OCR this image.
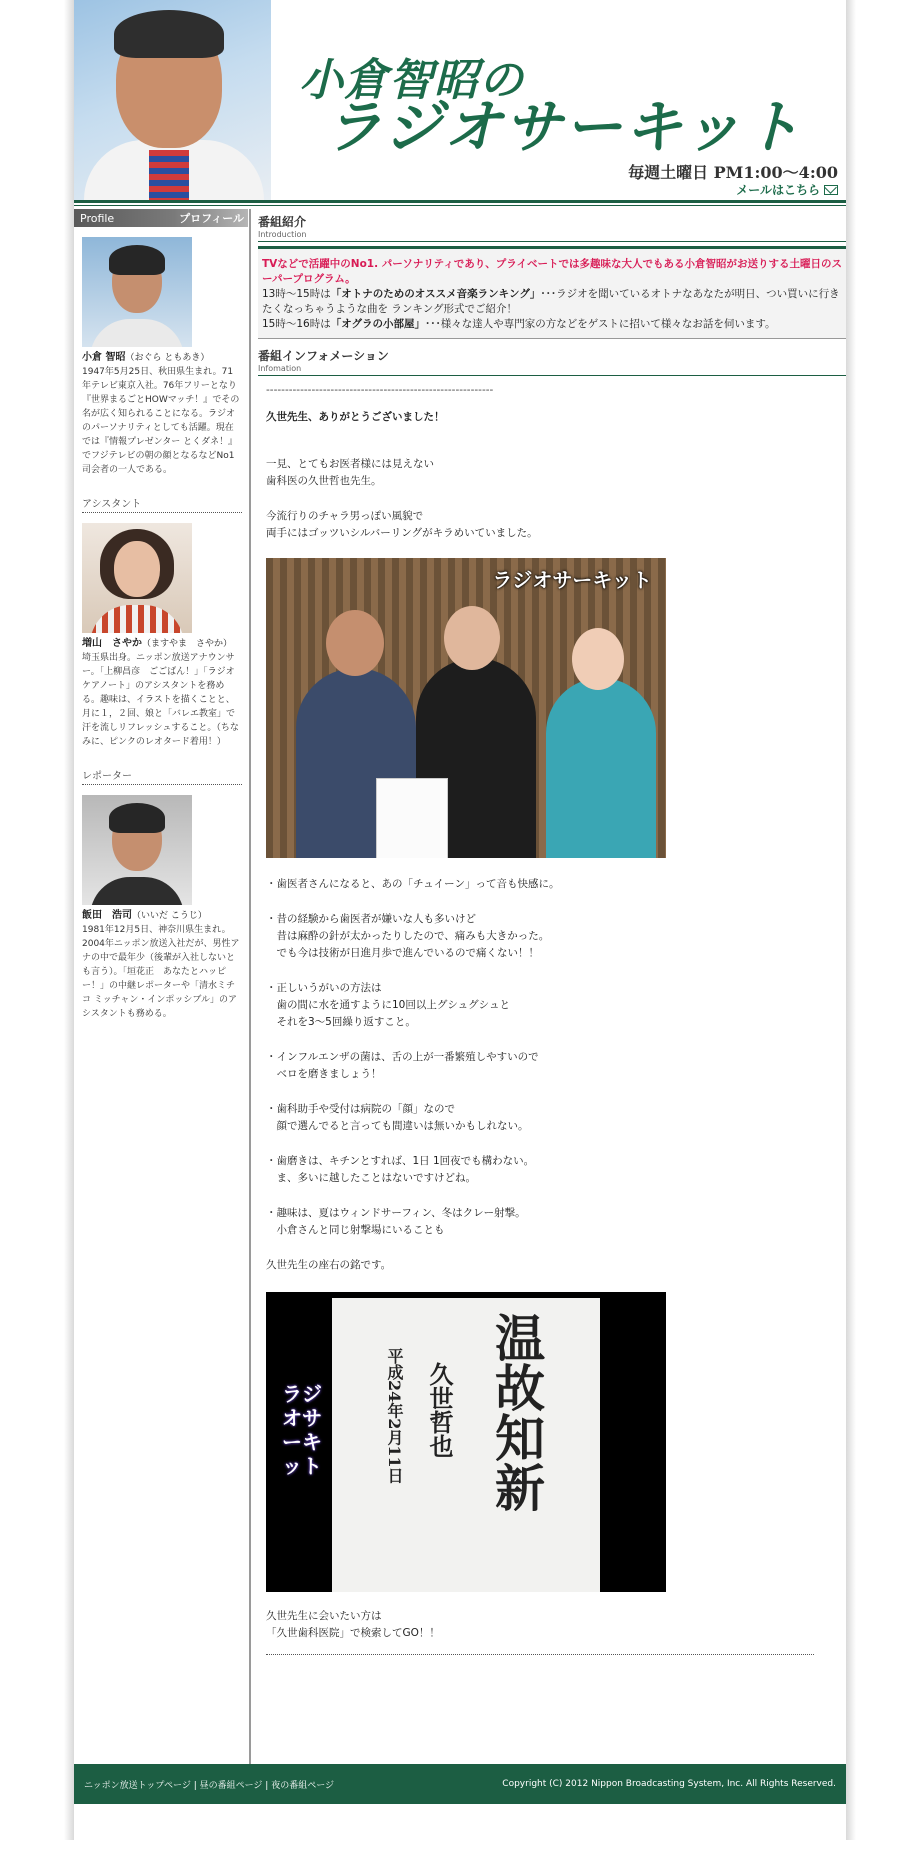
小倉智昭の
ラジオサーキット
毎週土曜日 PM1:00～4:00
メールはこちら
Profile	プロフィール
小倉 智昭（おぐら ともあき）
1947年5月25日、秋田県生まれ。71年テレビ東京入社。76年フリーとなり『世界まるごとHOWマッチ！』でその名が広く知られることになる。ラジオのパーソナリティとしても活躍。現在では『情報プレゼンター とくダネ！』でフジテレビの朝の顔となるなどNo1司会者の一人である。
アシスタント
増山　さやか（ますやま　さやか）
埼玉県出身。ニッポン放送アナウンサー。「上柳昌彦　ごごばん！」「ラジオケアノート」のアシスタントを務める。趣味は、イラストを描くことと、月に１，２回、娘と「バレエ教室」で汗を流しリフレッシュすること。（ちなみに、ピンクのレオタード着用！）
レポーター
飯田　浩司（いいだ こうじ）
1981年12月5日、神奈川県生まれ。2004年ニッポン放送入社だが、男性アナの中で最年少（後輩が入社しないとも言う）。「垣花正　あなたとハッピー！」の中継レポーターや「清水ミチコ ミッチャン・インポッシブル」のアシスタントも務める。
番組紹介
Introduction
TVなどで活躍中のNo1. パーソナリティであり、プライベートでは多趣味な大人でもある小倉智昭がお送りする土曜日のスーパープログラム。
13時～15時は「オトナのためのオススメ音楽ランキング」･･･ラジオを聞いているオトナなあなたが明日、つい買いに行きたくなっちゃうような曲を ランキング形式でご紹介！
15時～16時は「オグラの小部屋」･･･様々な達人や専門家の方などをゲストに招いて様々なお話を伺います。
番組インフォメーション
Infomation
------------------------------------------------------------
久世先生、ありがとうございました！
一見、とてもお医者様には見えない
歯科医の久世哲也先生。
今流行りのチャラ男っぽい風貌で
両手にはゴッツいシルバーリングがキラめいていました。
ラジオサーキット
・歯医者さんになると、あの「チュイーン」って音も快感に。
・昔の経験から歯医者が嫌いな人も多いけど
　昔は麻酔の針が太かったりしたので、痛みも大きかった。
　でも今は技術が日進月歩で進んでいるので痛くない！！
・正しいうがいの方法は
　歯の間に水を通すように10回以上グシュグシュと
　それを3～5回繰り返すこと。
・インフルエンザの菌は、舌の上が一番繁殖しやすいので
　ベロを磨きましょう！
・歯科助手や受付は病院の「顔」なので
　顔で選んでると言っても間違いは無いかもしれない。
・歯磨きは、キチンとすれば、1日 1回夜でも構わない。
　ま、多いに越したことはないですけどね。
・趣味は、夏はウィンドサーフィン、冬はクレー射撃。
　小倉さんと同じ射撃場にいることも
久世先生の座右の銘です。
ラジオサーキット	温故知新
久世哲也
平成24年2月11日
久世先生に会いたい方は
「久世歯科医院」で検索してGO！！
ニッポン放送トップページ | 昼の番組ページ | 夜の番組ページ	Copyright (C) 2012 Nippon Broadcasting System, Inc. All Rights Reserved.
